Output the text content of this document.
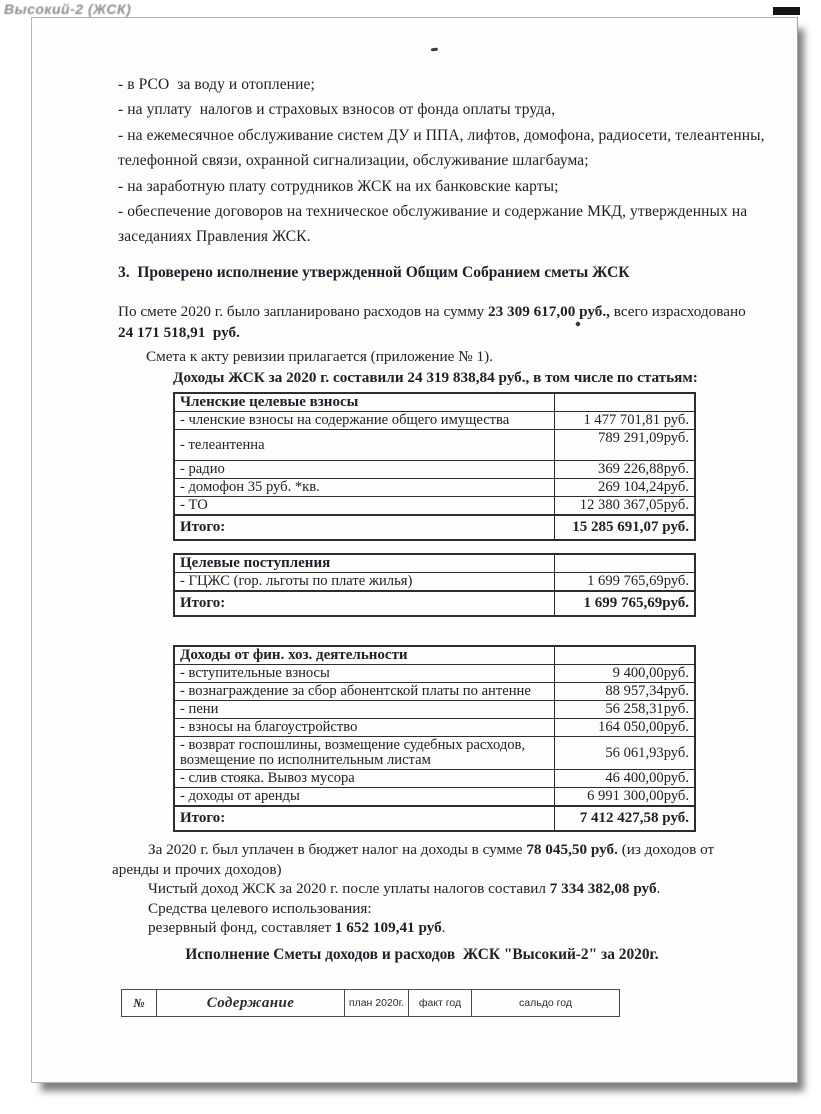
Высокий-2 (ЖСК)
- в РСО  за воду и отопление;
- на уплату  налогов и страховых взносов от фонда оплаты труда,
- на ежемесячное обслуживание систем ДУ и ППА, лифтов, домофона, радиосети, телеантенны,
телефонной связи, охранной сигнализации, обслуживание шлагбаума;
- на заработную плату сотрудников ЖСК на их банковские карты;
- обеспечение договоров на техническое обслуживание и содержание МКД, утвержденных на
заседаниях Правления ЖСК.
3.  Проверено исполнение утвержденной Общим Собранием сметы ЖСК
По смете 2020 г. было запланировано расходов на сумму 23 309 617,00 руб., всего израсходовано
24 171 518,91  руб.
Смета к акту ревизии прилагается (приложение № 1).
Доходы ЖСК за 2020 г. составили 24 319 838,84 руб., в том числе по статьям:
Членские целевые взносы	
- членские взносы на содержание общего имущества	1 477 701,81 руб.
- телеантенна	789 291,09руб.
- радио	369 226,88руб.
- домофон 35 руб. *кв.	269 104,24руб.
- ТО	12 380 367,05руб.
Итого:	15 285 691,07 руб.
Целевые поступления	
- ГЦЖС (гор. льготы по плате жилья)	1 699 765,69руб.
Итого:	1 699 765,69руб.
Доходы от фин. хоз. деятельности	
- вступительные взносы	9 400,00руб.
- вознаграждение за сбор абонентской платы по антенне	88 957,34руб.
- пени	56 258,31руб.
- взносы на благоустройство	164 050,00руб.
- возврат госпошлины, возмещение судебных расходов, возмещение по исполнительным листам	56 061,93руб.
- слив стояка. Вывоз мусора	46 400,00руб.
- доходы от аренды	6 991 300,00руб.
Итого:	7 412 427,58 руб.
За 2020 г. был уплачен в бюджет налог на доходы в сумме 78 045,50 руб. (из доходов от
аренды и прочих доходов)
Чистый доход ЖСК за 2020 г. после уплаты налогов составил 7 334 382,08 руб.
Средства целевого использования:
резервный фонд, составляет 1 652 109,41 руб.
Исполнение Сметы доходов и расходов  ЖСК "Высокий-2" за 2020г.
№	Содержание	план 2020г.	факт год	сальдо год
